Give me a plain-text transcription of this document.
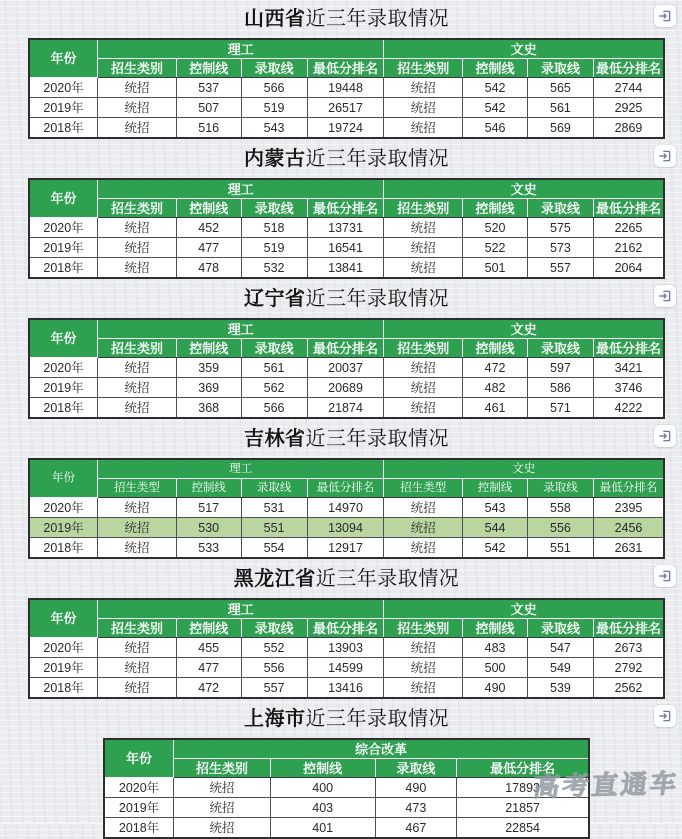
山西省近三年录取情况
年份	理工				文史			
	招生类别	控制线	录取线	最低分排名	招生类别	控制线	录取线	最低分排名
2020年	统招	537	566	19448	统招	542	565	2744
2019年	统招	507	519	26517	统招	542	561	2925
2018年	统招	516	543	19724	统招	546	569	2869
内蒙古近三年录取情况
年份	理工				文史			
	招生类别	控制线	录取线	最低分排名	招生类别	控制线	录取线	最低分排名
2020年	统招	452	518	13731	统招	520	575	2265
2019年	统招	477	519	16541	统招	522	573	2162
2018年	统招	478	532	13841	统招	501	557	2064
辽宁省近三年录取情况
年份	理工				文史			
	招生类别	控制线	录取线	最低分排名	招生类别	控制线	录取线	最低分排名
2020年	统招	359	561	20037	统招	472	597	3421
2019年	统招	369	562	20689	统招	482	586	3746
2018年	统招	368	566	21874	统招	461	571	4222
吉林省近三年录取情况
年份	理工				文史			
	招生类型	控制线	录取线	最低分排名	招生类型	控制线	录取线	最低分排名
2020年	统招	517	531	14970	统招	543	558	2395
2019年	统招	530	551	13094	统招	544	556	2456
2018年	统招	533	554	12917	统招	542	551	2631
黑龙江省近三年录取情况
年份	理工				文史			
	招生类别	控制线	录取线	最低分排名	招生类别	控制线	录取线	最低分排名
2020年	统招	455	552	13903	统招	483	547	2673
2019年	统招	477	556	14599	统招	500	549	2792
2018年	统招	472	557	13416	统招	490	539	2562
上海市近三年录取情况
年份	综合改革			
	招生类别	控制线	录取线	最低分排名
2020年	统招	400	490	17893
2019年	统招	403	473	21857
2018年	统招	401	467	22854
高考直通车
